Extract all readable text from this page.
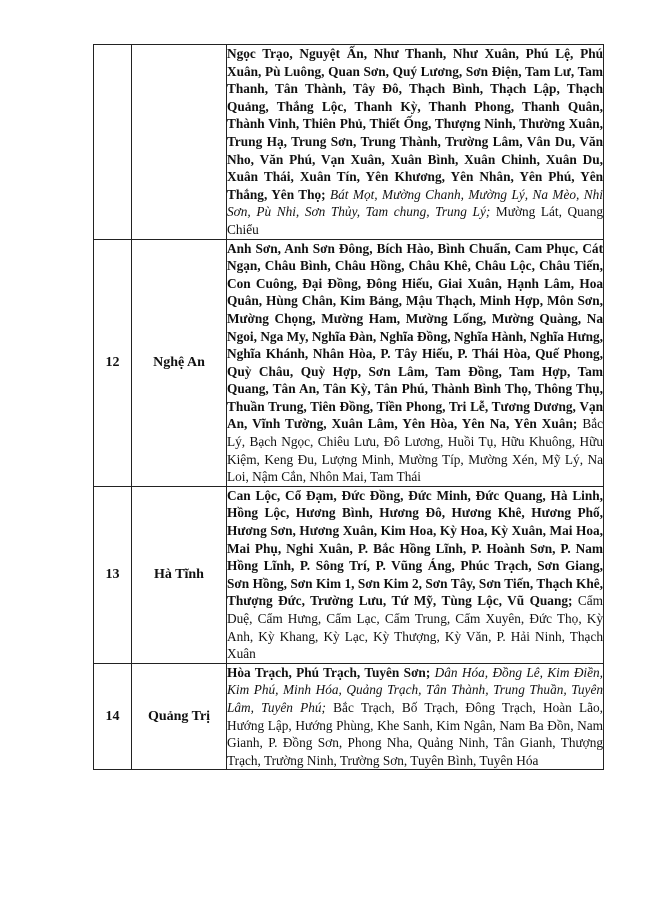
		Ngọc Trạo, Nguyệt Ấn, Như Thanh, Như Xuân, Phú Lệ, Phú Xuân, Pù Luông, Quan Sơn, Quý Lương, Sơn Điện, Tam Lư, Tam Thanh, Tân Thành, Tây Đô, Thạch Bình, Thạch Lập, Thạch Quảng, Thắng Lộc, Thanh Kỳ, Thanh Phong, Thanh Quân, Thành Vinh, Thiên Phủ, Thiết Ống, Thượng Ninh, Thường Xuân, Trung Hạ, Trung Sơn, Trung Thành, Trường Lâm, Vân Du, Văn Nho, Văn Phú, Vạn Xuân, Xuân Bình, Xuân Chinh, Xuân Du, Xuân Thái, Xuân Tín, Yên Khương, Yên Nhân, Yên Phú, Yên Thắng, Yên Thọ; Bát Mọt, Mường Chanh, Mường Lý, Na Mèo, Nhi Sơn, Pù Nhi, Sơn Thủy, Tam chung, Trung Lý; Mường Lát, Quang Chiểu
12	Nghệ An	Anh Sơn, Anh Sơn Đông, Bích Hào, Bình Chuẩn, Cam Phục, Cát Ngạn, Châu Bình, Châu Hồng, Châu Khê, Châu Lộc, Châu Tiến, Con Cuông, Đại Đồng, Đông Hiếu, Giai Xuân, Hạnh Lâm, Hoa Quân, Hùng Chân, Kim Bảng, Mậu Thạch, Minh Hợp, Môn Sơn, Mường Chọng, Mường Ham, Mường Lống, Mường Quàng, Na Ngoi, Nga My, Nghĩa Đàn, Nghĩa Đồng, Nghĩa Hành, Nghĩa Hưng, Nghĩa Khánh, Nhân Hòa, P. Tây Hiếu, P. Thái Hòa, Quế Phong, Quỳ Châu, Quỳ Hợp, Sơn Lâm, Tam Đồng, Tam Hợp, Tam Quang, Tân An, Tân Kỳ, Tân Phú, Thành Bình Thọ, Thông Thụ, Thuần Trung, Tiên Đồng, Tiền Phong, Tri Lễ, Tương Dương, Vạn An, Vĩnh Tường, Xuân Lâm, Yên Hòa, Yên Na, Yên Xuân; Bắc Lý, Bạch Ngọc, Chiêu Lưu, Đô Lương, Huồi Tụ, Hữu Khuông, Hữu Kiệm, Keng Đu, Lượng Minh, Mường Típ, Mường Xén, Mỹ Lý, Na Loi, Nậm Cắn, Nhôn Mai, Tam Thái
13	Hà Tĩnh	Can Lộc, Cổ Đạm, Đức Đồng, Đức Minh, Đức Quang, Hà Linh, Hồng Lộc, Hương Bình, Hương Đô, Hương Khê, Hương Phố, Hương Sơn, Hương Xuân, Kim Hoa, Kỳ Hoa, Kỳ Xuân, Mai Hoa, Mai Phụ, Nghi Xuân, P. Bắc Hồng Lĩnh, P. Hoành Sơn, P. Nam Hồng Lĩnh, P. Sông Trí, P. Vũng Áng, Phúc Trạch, Sơn Giang, Sơn Hồng, Sơn Kim 1, Sơn Kim 2, Sơn Tây, Sơn Tiến, Thạch Khê, Thượng Đức, Trường Lưu, Tứ Mỹ, Tùng Lộc, Vũ Quang; Cẩm Duệ, Cẩm Hưng, Cẩm Lạc, Cẩm Trung, Cẩm Xuyên, Đức Thọ, Kỳ Anh, Kỳ Khang, Kỳ Lạc, Kỳ Thượng, Kỳ Văn, P. Hải Ninh, Thạch Xuân
14	Quảng Trị	Hòa Trạch, Phú Trạch, Tuyên Sơn; Dân Hóa, Đồng Lê, Kim Điền, Kim Phú, Minh Hóa, Quảng Trạch, Tân Thành, Trung Thuần, Tuyên Lâm, Tuyên Phú; Bắc Trạch, Bố Trạch, Đông Trạch, Hoàn Lão, Hướng Lập, Hướng Phùng, Khe Sanh, Kim Ngân, Nam Ba Đồn, Nam Gianh, P. Đồng Sơn, Phong Nha, Quảng Ninh, Tân Gianh, Thượng Trạch, Trường Ninh, Trường Sơn, Tuyên Bình, Tuyên Hóa
